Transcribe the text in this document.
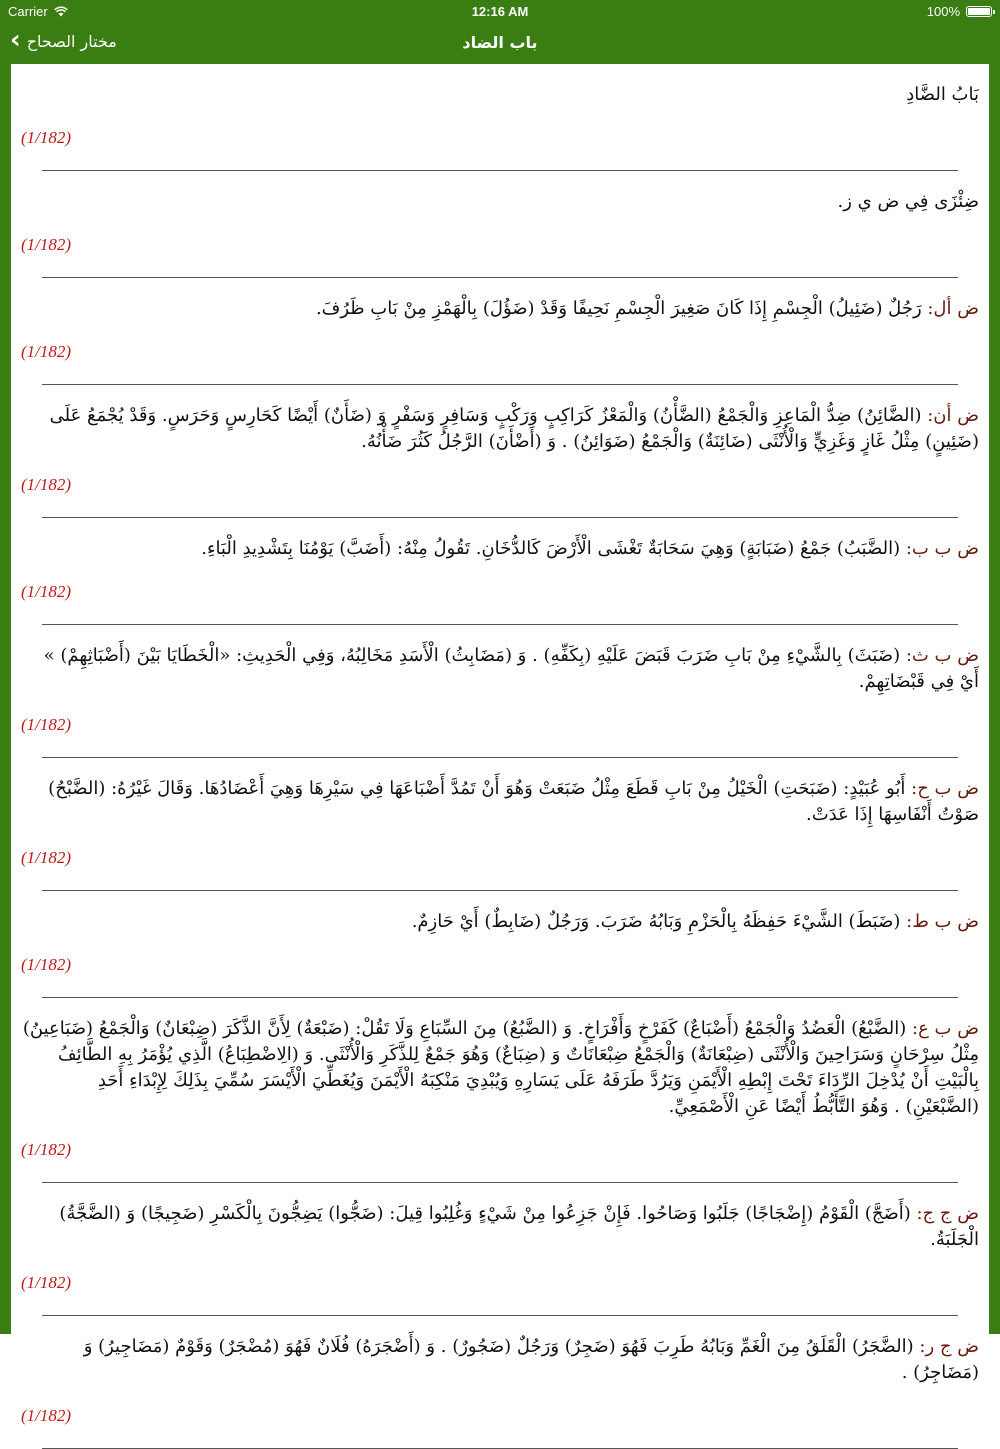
Carrier	12:16 AM	100%
‹ مختار الصحاح	باب الضاد
بَابُ الضَّادِ
(1/182)
ضِئْزَى فِي ض ي ز.
(1/182)
ض أل: رَجُلٌ (ضَئِيلُ) الْجِسْمِ إِذَا كَانَ صَغِيرَ الْجِسْمِ نَحِيفًا وَقَدْ (ضَؤُلَ) بِالْهَمْزِ مِنْ بَابِ ظَرُفَ.
(1/182)
ض أن: (الضَّائِنُ) ضِدُّ الْمَاعِزِ وَالْجَمْعُ (الضَّأْنُ) وَالْمَعْزُ كَرَاكِبٍ وَرَكْبٍ وَسَافِرٍ وَسَفْرٍ وَ (ضَأَنٌ) أَيْضًا كَحَارِسٍ وَحَرَسٍ. وَقَدْ يُجْمَعُ عَلَى (ضَئِينٍ) مِثْلُ غَازٍ وَغَزِيٍّ وَالْأُنْثَى (ضَائِنَةٌ) وَالْجَمْعُ (ضَوَائِنُ) . وَ (أَضْأَنَ) الرَّجُلُ كَثُرَ ضَأْنُهُ.
(1/182)
ض ب ب: (الضَّبَبُ) جَمْعُ (ضَبَابَةٍ) وَهِيَ سَحَابَةٌ تَغْشَى الْأَرْضَ كَالدُّخَانِ. تَقُولُ مِنْهُ: (أَضَبَّ) يَوْمُنَا بِتَشْدِيدِ الْبَاءِ.
(1/182)
ض ب ث: (ضَبَثَ) بِالشَّيْءِ مِنْ بَابِ ضَرَبَ قَبَضَ عَلَيْهِ (بِكَفِّهِ) . وَ (مَضَابِثُ) الْأَسَدِ مَخَالِبُهُ، وَفِي الْحَدِيثِ: «الْخَطَايَا بَيْنَ (أَضْبَاثِهِمْ) » أَيْ فِي قَبْضَاتِهِمْ.
(1/182)
ض ب ح: أَبُو عُبَيْدٍ: (ضَبَحَتِ) الْخَيْلُ مِنْ بَابِ قَطَعَ مِثْلُ ضَبَعَتْ وَهُوَ أَنْ تَمُدَّ أَضْبَاعَهَا فِي سَيْرِهَا وَهِيَ أَعْضَادُهَا. وَقَالَ غَيْرُهُ: (الضَّبْحُ) صَوْتُ أَنْفَاسِهَا إِذَا عَدَتْ.
(1/182)
ض ب ط: (ضَبَطَ) الشَّيْءَ حَفِظَهُ بِالْحَزْمِ وَبَابُهُ ضَرَبَ. وَرَجُلٌ (ضَابِطٌ) أَيْ حَازِمٌ.
(1/182)
ض ب ع: (الضَّبْعُ) الْعَضُدُ وَالْجَمْعُ (أَضْبَاعٌ) كَفَرْخٍ وَأَفْرَاخٍ. وَ (الضَّبُعُ) مِنَ السِّبَاعِ وَلَا تَقُلْ: (ضَبْعَةٌ) لِأَنَّ الذَّكَرَ (ضِبْعَانٌ) وَالْجَمْعُ (ضَبَاعِينُ) مِثْلُ سِرْحَانٍ وَسَرَاحِينَ وَالْأُنْثَى (ضِبْعَانَةٌ) وَالْجَمْعُ ضِبْعَانَاتٌ وَ (ضِبَاعٌ) وَهُوَ جَمْعٌ لِلذَّكَرِ وَالْأُنْثَى. وَ (الِاضْطِبَاعُ) الَّذِي يُؤْمَرُ بِهِ الطَّائِفُ بِالْبَيْتِ أَنْ يُدْخِلَ الرِّدَاءَ تَحْتَ إِبْطِهِ الْأَيْمَنِ وَيَرُدَّ طَرَفَهُ عَلَى يَسَارِهِ وَيُبْدِيَ مَنْكِبَهُ الْأَيْمَنَ وَيُغَطِّيَ الْأَيْسَرَ سُمِّيَ بِذَلِكَ لِإِبْدَاءِ أَحَدِ (الضَّبْعَيْنِ) . وَهُوَ التَّأَبُّطُ أَيْضًا عَنِ الْأَصْمَعِيِّ.
(1/182)
ض ج ج: (أَضَجَّ) الْقَوْمُ (إِضْجَاجًا) جَلَبُوا وَصَاحُوا. فَإِنْ جَزِعُوا مِنْ شَيْءٍ وَغُلِبُوا قِيلَ: (ضَجُّوا) يَضِجُّونَ بِالْكَسْرِ (ضَجِيجًا) وَ (الضَّجَّةُ) الْجَلَبَةُ.
(1/182)
ض ج ر: (الضَّجَرُ) الْقَلَقُ مِنَ الْغَمِّ وَبَابُهُ طَرِبَ فَهُوَ (ضَجِرٌ) وَرَجُلٌ (ضَجُورٌ) . وَ (أَضْجَرَهُ) فُلَانٌ فَهُوَ (مُضْجَرٌ) وَقَوْمٌ (مَضَاجِيرُ) وَ (مَضَاجِرُ) .
(1/182)
